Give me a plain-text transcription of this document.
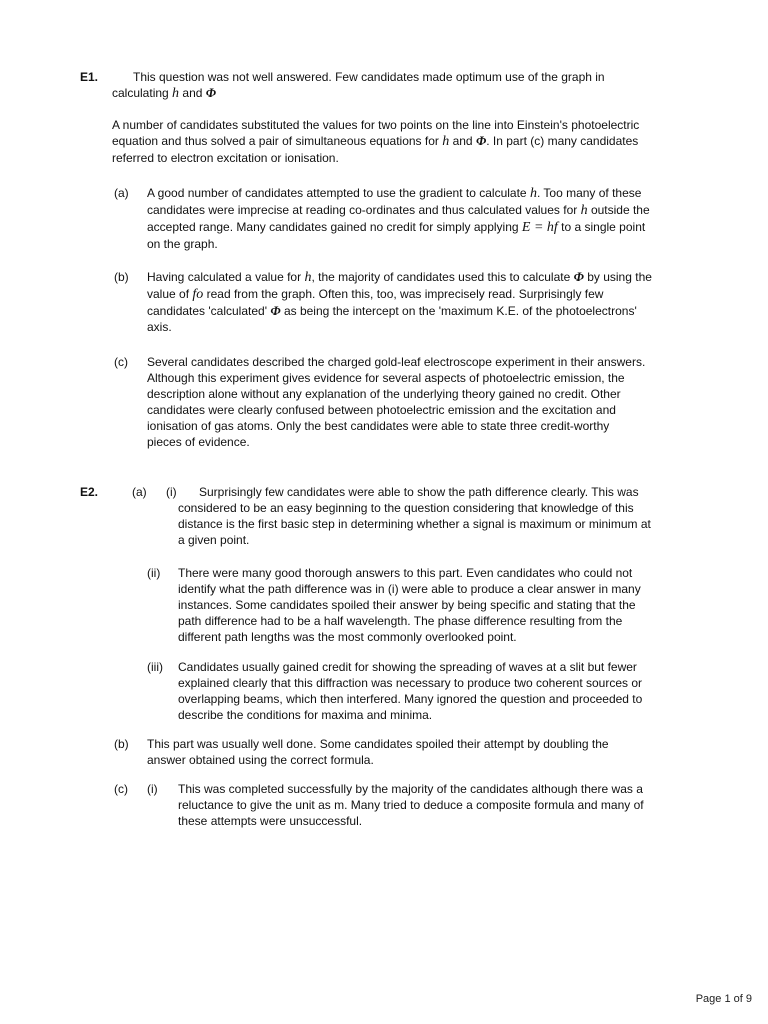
E1.	This question was not well answered. Few candidates made optimum use of the graph in calculating h and Φ

A number of candidates substituted the values for two points on the line into Einstein's photoelectric equation and thus solved a pair of simultaneous equations for h and Φ. In part (c) many candidates referred to electron excitation or ionisation.

(a) A good number of candidates attempted to use the gradient to calculate h. Too many of these candidates were imprecise at reading co-ordinates and thus calculated values for h outside the accepted range. Many candidates gained no credit for simply applying E = hf to a single point on the graph.

(b) Having calculated a value for h, the majority of candidates used this to calculate Φ by using the value of fo read from the graph. Often this, too, was imprecisely read. Surprisingly few candidates 'calculated' Φ as being the intercept on the 'maximum K.E. of the photoelectrons' axis.

(c) Several candidates described the charged gold-leaf electroscope experiment in their answers. Although this experiment gives evidence for several aspects of photoelectric emission, the description alone without any explanation of the underlying theory gained no credit. Other candidates were clearly confused between photoelectric emission and the excitation and ionisation of gas atoms. Only the best candidates were able to state three credit-worthy pieces of evidence.

E2.	(a) (i)	Surprisingly few candidates were able to show the path difference clearly. This was considered to be an easy beginning to the question considering that knowledge of this distance is the first basic step in determining whether a signal is maximum or minimum at a given point.

(ii) There were many good thorough answers to this part. Even candidates who could not identify what the path difference was in (i) were able to produce a clear answer in many instances. Some candidates spoiled their answer by being specific and stating that the path difference had to be a half wavelength. The phase difference resulting from the different path lengths was the most commonly overlooked point.

(iii) Candidates usually gained credit for showing the spreading of waves at a slit but fewer explained clearly that this diffraction was necessary to produce two coherent sources or overlapping beams, which then interfered. Many ignored the question and proceeded to describe the conditions for maxima and minima.

(b) This part was usually well done. Some candidates spoiled their attempt by doubling the answer obtained using the correct formula.

(c) (i) This was completed successfully by the majority of the candidates although there was a reluctance to give the unit as m. Many tried to deduce a composite formula and many of these attempts were unsuccessful.

Page 1 of 9
